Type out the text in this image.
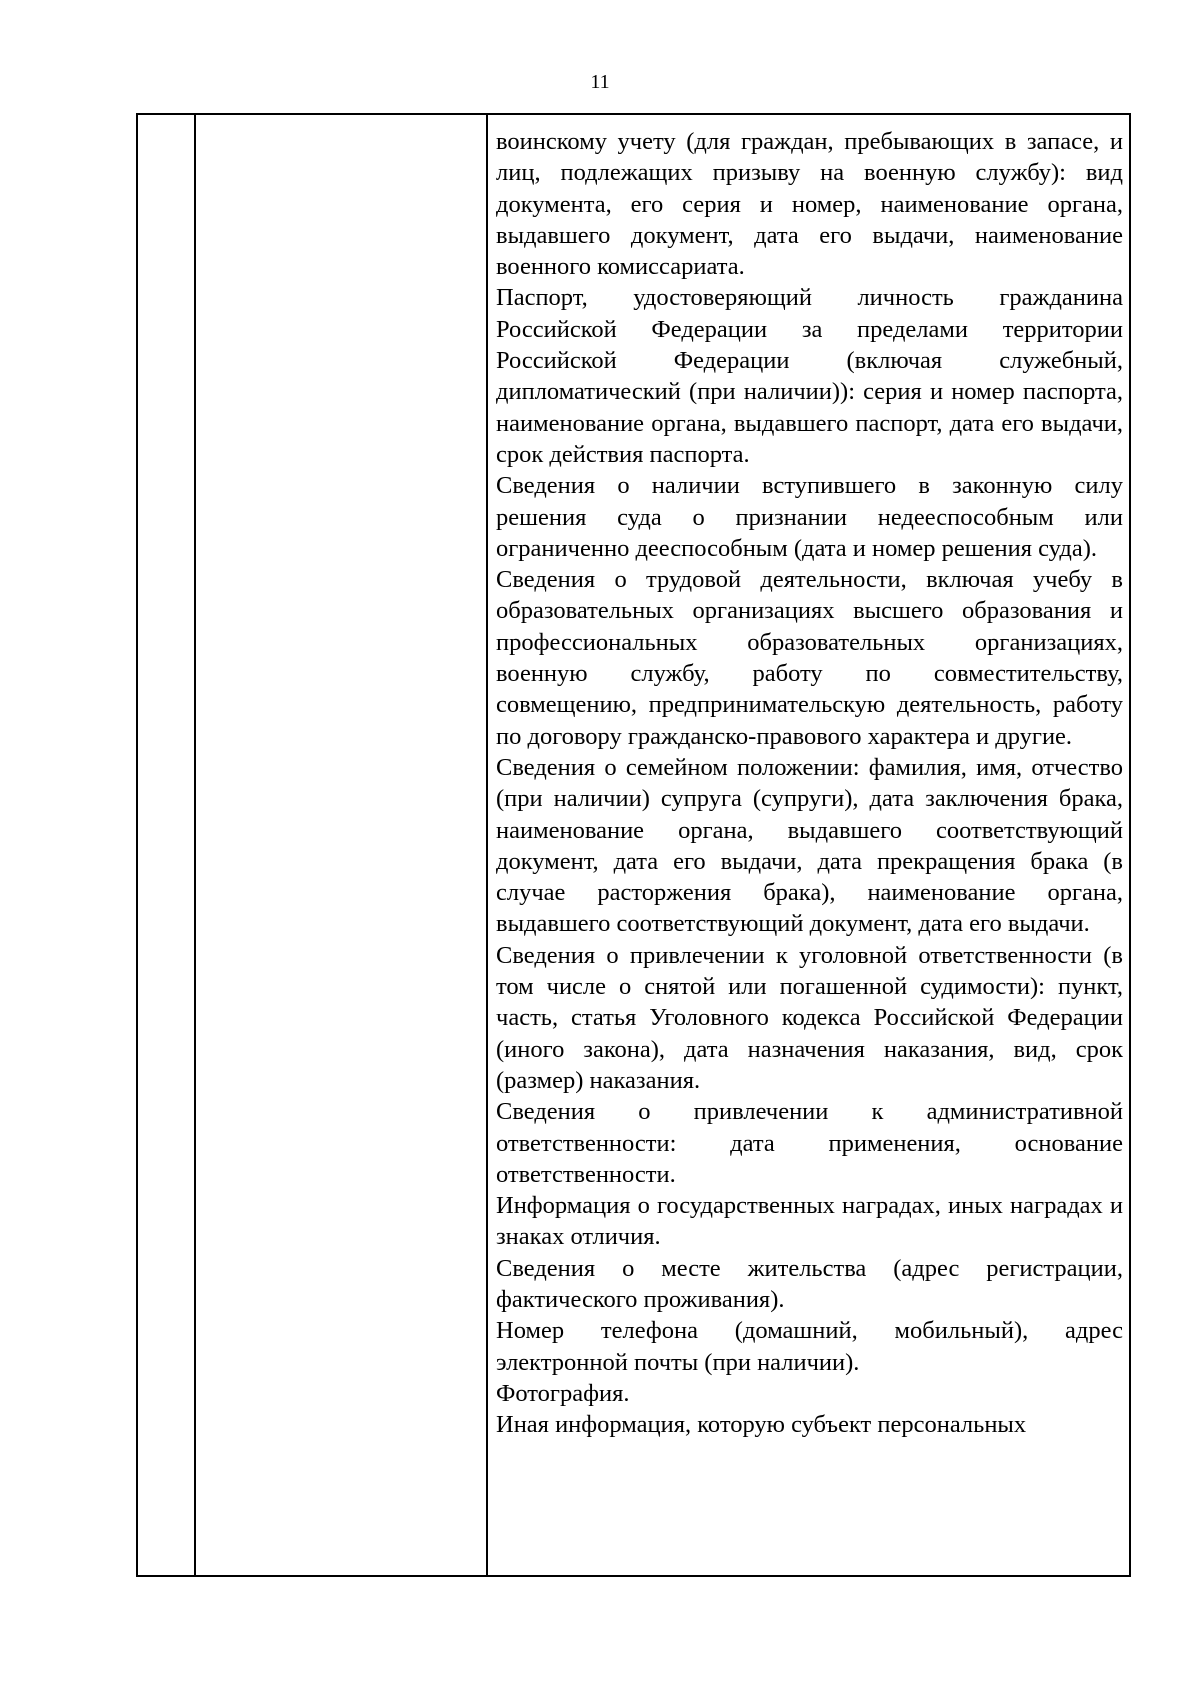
11

воинскому учету (для граждан, пребывающих в запасе, и лиц, подлежащих призыву на военную службу): вид документа, его серия и номер, наименование органа, выдавшего документ, дата его выдачи, наименование военного комиссариата.

Паспорт, удостоверяющий личность гражданина Российской Федерации за пределами территории Российской Федерации (включая служебный, дипломатический (при наличии)): серия и номер паспорта, наименование органа, выдавшего паспорт, дата его выдачи, срок действия паспорта.

Сведения о наличии вступившего в законную силу решения суда о признании недееспособным или ограниченно дееспособным (дата и номер решения суда).

Сведения о трудовой деятельности, включая учебу в образовательных организациях высшего образования и профессиональных образовательных организациях, военную службу, работу по совместительству, совмещению, предпринимательскую деятельность, работу по договору гражданско-правового характера и другие.

Сведения о семейном положении: фамилия, имя, отчество (при наличии) супруга (супруги), дата заключения брака, наименование органа, выдавшего соответствующий документ, дата его выдачи, дата прекращения брака (в случае расторжения брака), наименование органа, выдавшего соответствующий документ, дата его выдачи.

Сведения о привлечении к уголовной ответственности (в том числе о снятой или погашенной судимости): пункт, часть, статья Уголовного кодекса Российской Федерации (иного закона), дата назначения наказания, вид, срок (размер) наказания.

Сведения о привлечении к административной ответственности: дата применения, основание ответственности.

Информация о государственных наградах, иных наградах и знаках отличия.

Сведения о месте жительства (адрес регистрации, фактического проживания).

Номер телефона (домашний, мобильный), адрес электронной почты (при наличии).

Фотография.

Иная информация, которую субъект персональных
